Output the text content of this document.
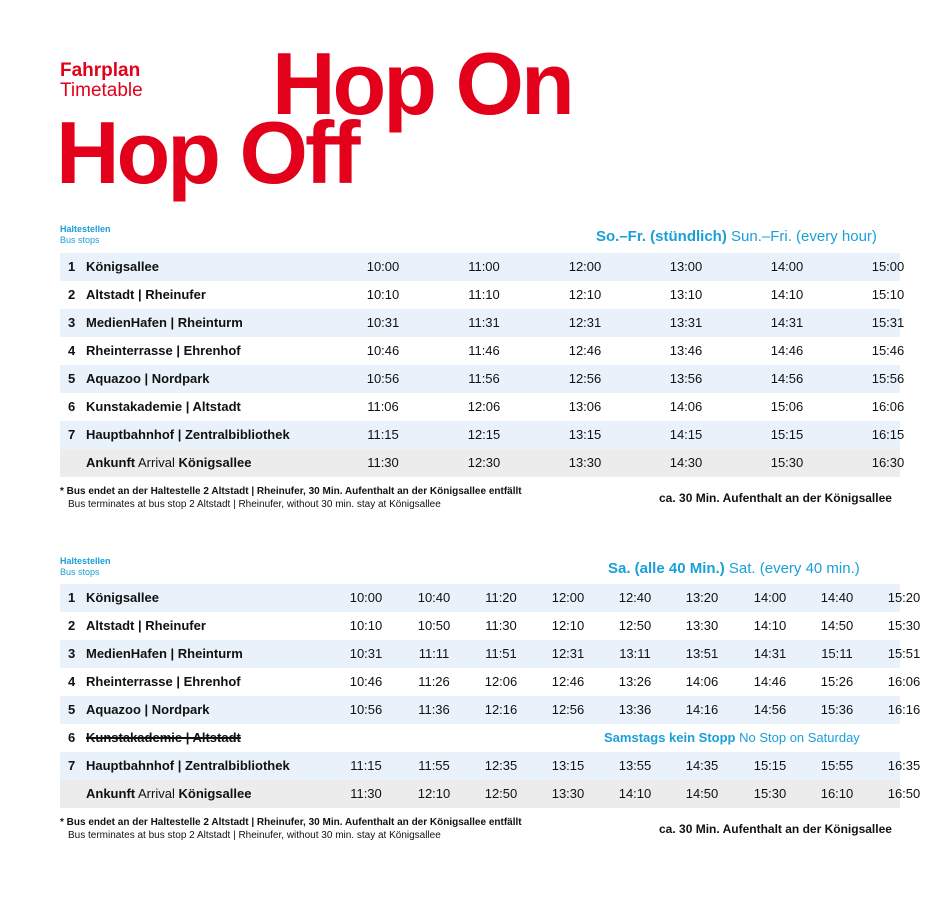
Fahrplan
Timetable Hop On
Hop Off
Haltestellen
Bus stops	So.–Fr. (stündlich) Sun.–Fri. (every hour)
1 Königsallee	10:00	11:00	12:00	13:00	14:00	15:00
2 Altstadt | Rheinufer	10:10	11:10	12:10	13:10	14:10	15:10
3 MedienHafen | Rheinturm	10:31	11:31	12:31	13:31	14:31	15:31
4 Rheinterrasse | Ehrenhof	10:46	11:46	12:46	13:46	14:46	15:46
5 Aquazoo | Nordpark	10:56	11:56	12:56	13:56	14:56	15:56
6 Kunstakademie | Altstadt	11:06	12:06	13:06	14:06	15:06	16:06
7 Hauptbahnhof | Zentralbibliothek	11:15	12:15	13:15	14:15	15:15	16:15
Ankunft Arrival Königsallee	11:30	12:30	13:30	14:30	15:30	16:30
* Bus endet an der Haltestelle 2 Altstadt | Rheinufer, 30 Min. Aufenthalt an der Königsallee entfällt
Bus terminates at bus stop 2 Altstadt | Rheinufer, without 30 min. stay at Königsallee	ca. 30 Min. Aufenthalt an der Königsallee
Haltestellen
Bus stops	Sa. (alle 40 Min.) Sat. (every 40 min.)
1 Königsallee	10:00	10:40	11:20	12:00	12:40	13:20	14:00	14:40	15:20
2 Altstadt | Rheinufer	10:10	10:50	11:30	12:10	12:50	13:30	14:10	14:50	15:30
3 MedienHafen | Rheinturm	10:31	11:11	11:51	12:31	13:11	13:51	14:31	15:11	15:51
4 Rheinterrasse | Ehrenhof	10:46	11:26	12:06	12:46	13:26	14:06	14:46	15:26	16:06
5 Aquazoo | Nordpark	10:56	11:36	12:16	12:56	13:36	14:16	14:56	15:36	16:16
6 Kunstakademie | Altstadt	Samstags kein Stopp No Stop on Saturday
7 Hauptbahnhof | Zentralbibliothek	11:15	11:55	12:35	13:15	13:55	14:35	15:15	15:55	16:35
Ankunft Arrival Königsallee	11:30	12:10	12:50	13:30	14:10	14:50	15:30	16:10	16:50
* Bus endet an der Haltestelle 2 Altstadt | Rheinufer, 30 Min. Aufenthalt an der Königsallee entfällt
Bus terminates at bus stop 2 Altstadt | Rheinufer, without 30 min. stay at Königsallee	ca. 30 Min. Aufenthalt an der Königsallee
